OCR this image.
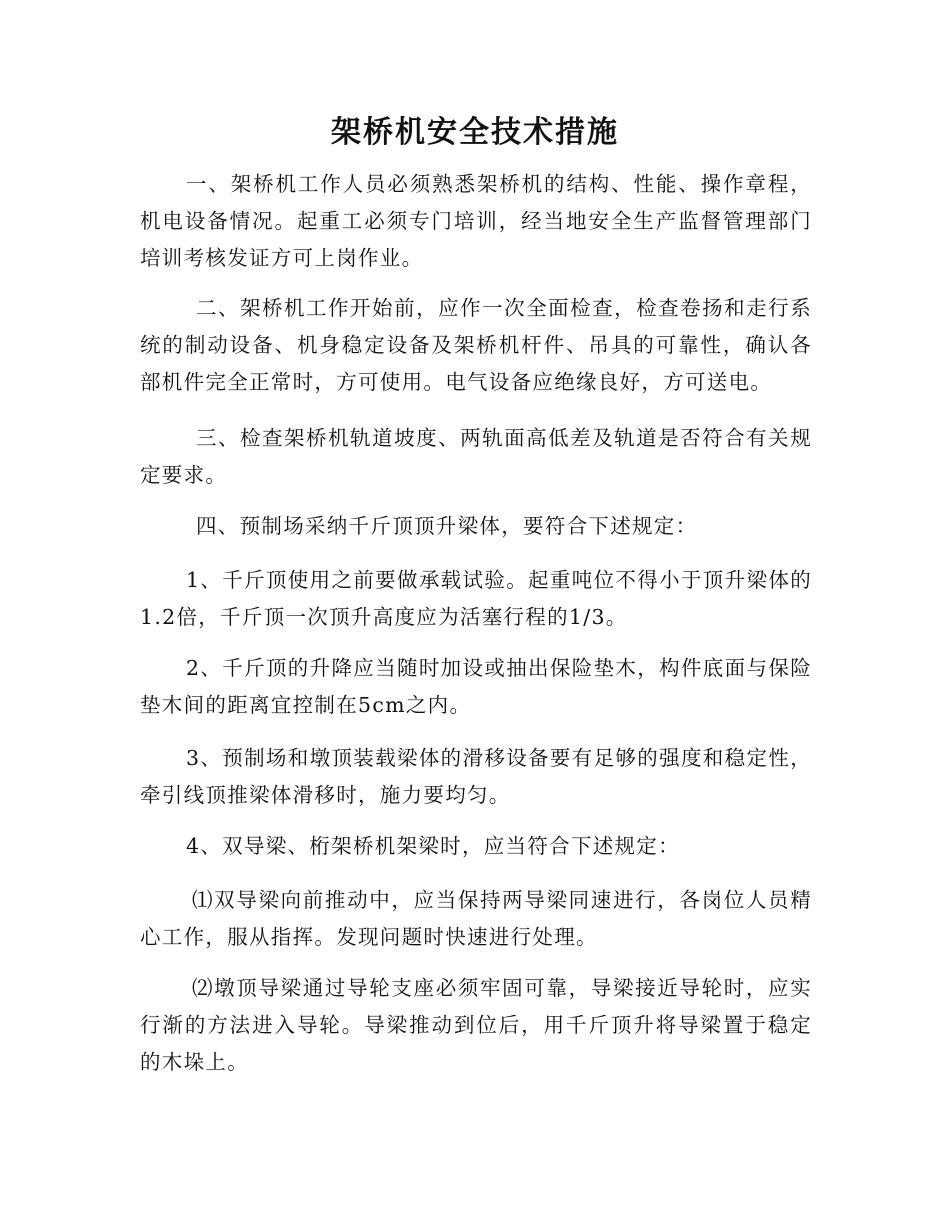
架桥机安全技术措施

一、架桥机工作人员必须熟悉架桥机的结构、性能、操作章程，机电设备情况。起重工必须专门培训，经当地安全生产监督管理部门培训考核发证方可上岗作业。

二、架桥机工作开始前，应作一次全面检查，检查卷扬和走行系统的制动设备、机身稳定设备及架桥机杆件、吊具的可靠性，确认各部机件完全正常时，方可使用。电气设备应绝缘良好，方可送电。

三、检查架桥机轨道坡度、两轨面高低差及轨道是否符合有关规定要求。

四、预制场采纳千斤顶顶升梁体，要符合下述规定：

1、千斤顶使用之前要做承载试验。起重吨位不得小于顶升梁体的1.2倍，千斤顶一次顶升高度应为活塞行程的1/3。

2、千斤顶的升降应当随时加设或抽出保险垫木，构件底面与保险垫木间的距离宜控制在5cm之内。

3、预制场和墩顶装载梁体的滑移设备要有足够的强度和稳定性，牵引线顶推梁体滑移时，施力要均匀。

4、双导梁、桁架桥机架梁时，应当符合下述规定：

⑴双导梁向前推动中，应当保持两导梁同速进行，各岗位人员精心工作，服从指挥。发现问题时快速进行处理。

⑵墩顶导梁通过导轮支座必须牢固可靠，导梁接近导轮时，应实行渐的方法进入导轮。导梁推动到位后，用千斤顶升将导梁置于稳定的木垛上。
